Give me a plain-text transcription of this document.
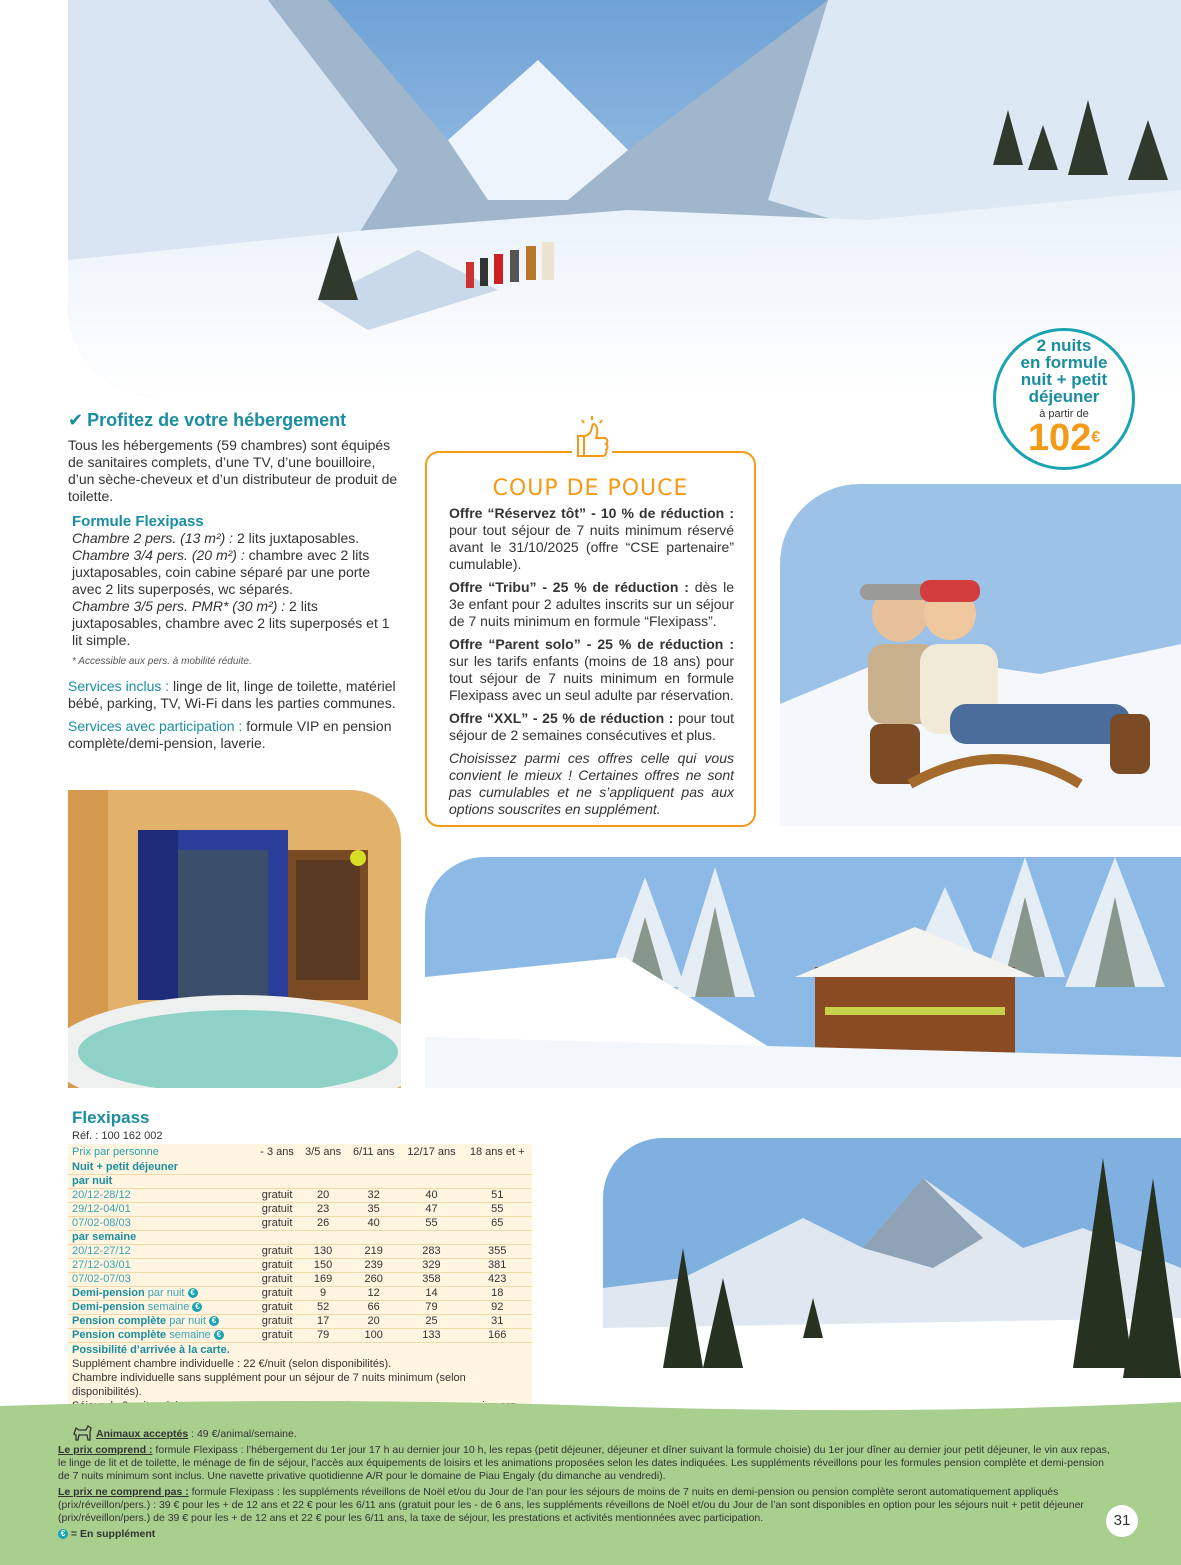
2 nuits
en formule
nuit + petit
déjeuner
à partir de
102€
✔ Profitez de votre hébergement

Tous les hébergements (59 chambres) sont équipés de sanitaires complets, d’une TV, d’une bouilloire, d’un sèche-cheveux et d’un distributeur de produit de toilette.

Formule Flexipass

Chambre 2 pers. (13 m²) : 2 lits juxtaposables.

Chambre 3/4 pers. (20 m²) : chambre avec 2 lits juxtaposables, coin cabine séparé par une porte avec 2 lits superposés, wc séparés.

Chambre 3/5 pers. PMR* (30 m²) : 2 lits juxtaposables, chambre avec 2 lits superposés et 1 lit simple.

* Accessible aux pers. à mobilité réduite.

Services inclus : linge de lit, linge de toilette, matériel bébé, parking, TV, Wi-Fi dans les parties communes.

Services avec participation : formule VIP en pension complète/demi-pension, laverie.

Offre “Réservez tôt” - 10 % de réduction : pour tout séjour de 7 nuits minimum réservé avant le 31/10/2025 (offre “CSE partenaire” cumulable).

Offre “Tribu” - 25 % de réduction : dès le 3e enfant pour 2 adultes inscrits sur un séjour de 7 nuits minimum en formule “Flexipass”.

Offre “Parent solo” - 25 % de réduction : sur les tarifs enfants (moins de 18 ans) pour tout séjour de 7 nuits minimum en formule Flexipass avec un seul adulte par réservation.

Offre “XXL” - 25 % de réduction : pour tout séjour de 2 semaines consécutives et plus.

Choisissez parmi ces offres celle qui vous convient le mieux ! Certaines offres ne sont pas cumulables et ne s’appliquent pas aux options souscrites en supplément.

COUP DE POUCE
Flexipass
Réf. : 100 162 002
Prix par personne	- 3 ans	3/5 ans	6/11 ans	12/17 ans	18 ans et +
Nuit + petit déjeuner					
par nuit					
20/12-28/12	gratuit	20	32	40	51
29/12-04/01	gratuit	23	35	47	55
07/02-08/03	gratuit	26	40	55	65
par semaine					
20/12-27/12	gratuit	130	219	283	355
27/12-03/01	gratuit	150	239	329	381
07/02-07/03	gratuit	169	260	358	423
Demi-pension par nuit €	gratuit	9	12	14	18
Demi-pension semaine €	gratuit	52	66	79	92
Pension complète par nuit €	gratuit	17	20	25	31
Pension complète semaine €	gratuit	79	100	133	166
Possibilité d’arrivée à la carte.
Supplément chambre individuelle : 22 €/nuit (selon disponibilités).
Chambre individuelle sans supplément pour un séjour de 7 nuits minimum (selon disponibilités).

Animaux acceptés : 49 €/animal/semaine.

Le prix comprend : formule Flexipass : l’hébergement du 1er jour 17 h au dernier jour 10 h, les repas (petit déjeuner, déjeuner et dîner suivant la formule choisie) du 1er jour dîner au dernier jour petit déjeuner, le vin aux repas, le linge de lit et de toilette, le ménage de fin de séjour, l’accès aux équipements de loisirs et les animations proposées selon les dates indiquées. Les suppléments réveillons pour les formules pension complète et demi-pension de 7 nuits minimum sont inclus. Une navette privative quotidienne A/R pour le domaine de Piau Engaly (du dimanche au vendredi).

Le prix ne comprend pas : formule Flexipass : les suppléments réveillons de Noël et/ou du Jour de l’an pour les séjours de moins de 7 nuits en demi-pension ou pension complète seront automatiquement appliqués (prix/réveillon/pers.) : 39 € pour les + de 12 ans et 22 € pour les 6/11 ans (gratuit pour les - de 6 ans, les suppléments réveillons de Noël et/ou du Jour de l’an sont disponibles en option pour les séjours nuit + petit déjeuner (prix/réveillon/pers.) de 39 € pour les + de 12 ans et 22 € pour les 6/11 ans, la taxe de séjour, les prestations et activités mentionnées avec participation.

€ = En supplément

31
